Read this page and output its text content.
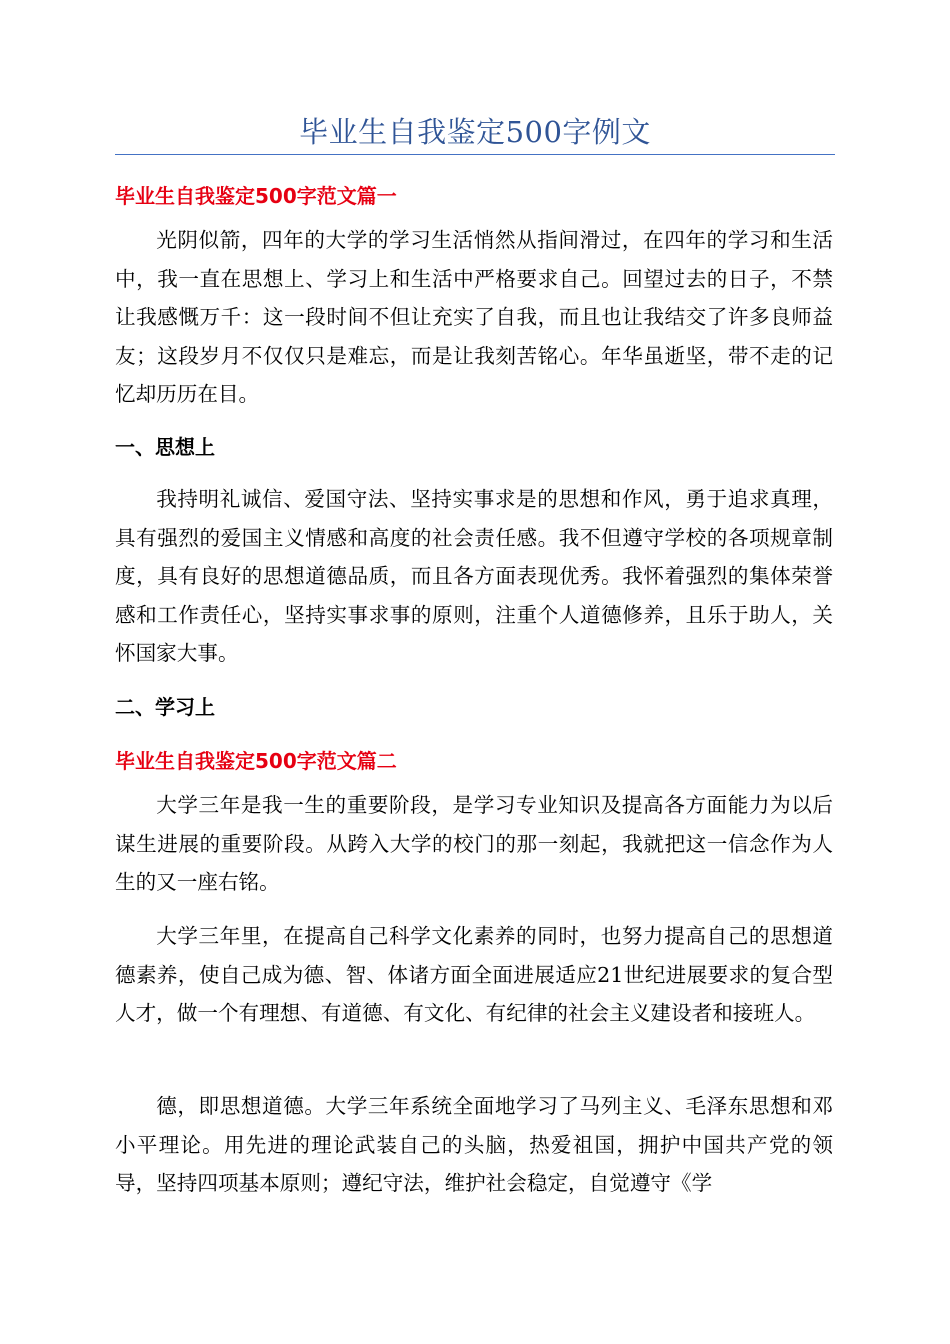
毕业生自我鉴定500字例文
毕业生自我鉴定500字范文篇一

光阴似箭，四年的大学的学习生活悄然从指间滑过，在四年的学习和生活中，我一直在思想上、学习上和生活中严格要求自己。回望过去的日子，不禁让我感慨万千：这一段时间不但让充实了自我，而且也让我结交了许多良师益友；这段岁月不仅仅只是难忘，而是让我刻苦铭心。年华虽逝坚，带不走的记忆却历历在目。

一、思想上

我持明礼诚信、爱国守法、坚持实事求是的思想和作风，勇于追求真理，具有强烈的爱国主义情感和高度的社会责任感。我不但遵守学校的各项规章制度，具有良好的思想道德品质，而且各方面表现优秀。我怀着强烈的集体荣誉感和工作责任心，坚持实事求事的原则，注重个人道德修养，且乐于助人，关怀国家大事。

二、学习上
毕业生自我鉴定500字范文篇二

大学三年是我一生的重要阶段，是学习专业知识及提高各方面能力为以后谋生进展的重要阶段。从跨入大学的校门的那一刻起，我就把这一信念作为人生的又一座右铭。

大学三年里，在提高自己科学文化素养的同时，也努力提高自己的思想道德素养，使自己成为德、智、体诸方面全面进展适应21世纪进展要求的复合型人才，做一个有理想、有道德、有文化、有纪律的社会主义建设者和接班人。

德，即思想道德。大学三年系统全面地学习了马列主义、毛泽东思想和邓小平理论。用先进的理论武装自己的头脑，热爱祖国，拥护中国共产党的领导，坚持四项基本原则；遵纪守法，维护社会稳定，自觉遵守《学
